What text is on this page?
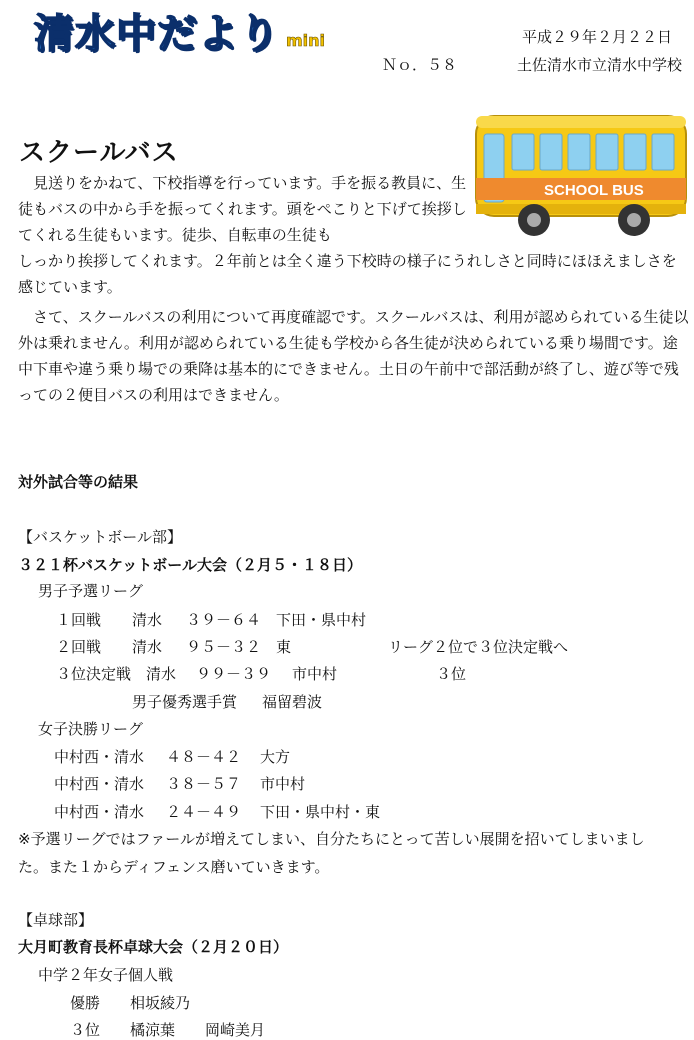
清水中だより mini	平成２９年２月２２日
Ｎｏ．５８	土佐清水市立清水中学校
スクールバス
SCHOOL BUS
　見送りをかねて、下校指導を行っています。手を振る教員に、生徒もバスの中から手を振ってくれます。頭をぺこりと下げて挨拶してくれる生徒もいます。徒歩、自転車の生徒も
しっかり挨拶してくれます。２年前とは全く違う下校時の様子にうれしさと同時にほほえましさを感じています。
　さて、スクールバスの利用について再度確認です。スクールバスは、利用が認められている生徒以外は乗れません。利用が認められている生徒も学校から各生徒が決められている乗り場間です。途中下車や違う乗り場での乗降は基本的にできません。土日の午前中で部活動が終了し、遊び等で残っての２便目バスの利用はできません。
対外試合等の結果
【バスケットボール部】
３２１杯バスケットボール大会（２月５・１８日）
男子予選リーグ
１回戦 清水 ３９－６４ 下田・県中村
２回戦 清水 ９５－３２ 東	リーグ２位で３位決定戦へ
３位決定戦 清水 ９９－３９ 市中村	３位
男子優秀選手賞 福留碧波
女子決勝リーグ
中村西・清水 ４８－４２ 大方
中村西・清水 ３８－５７ 市中村
中村西・清水 ２４－４９ 下田・県中村・東
※予選リーグではファールが増えてしまい、自分たちにとって苦しい展開を招いてしまいまし
た。また１からディフェンス磨いていきます。
【卓球部】
大月町教育長杯卓球大会（２月２０日）
中学２年女子個人戦
優勝 相坂綾乃
３位 橘涼葉　　岡崎美月
